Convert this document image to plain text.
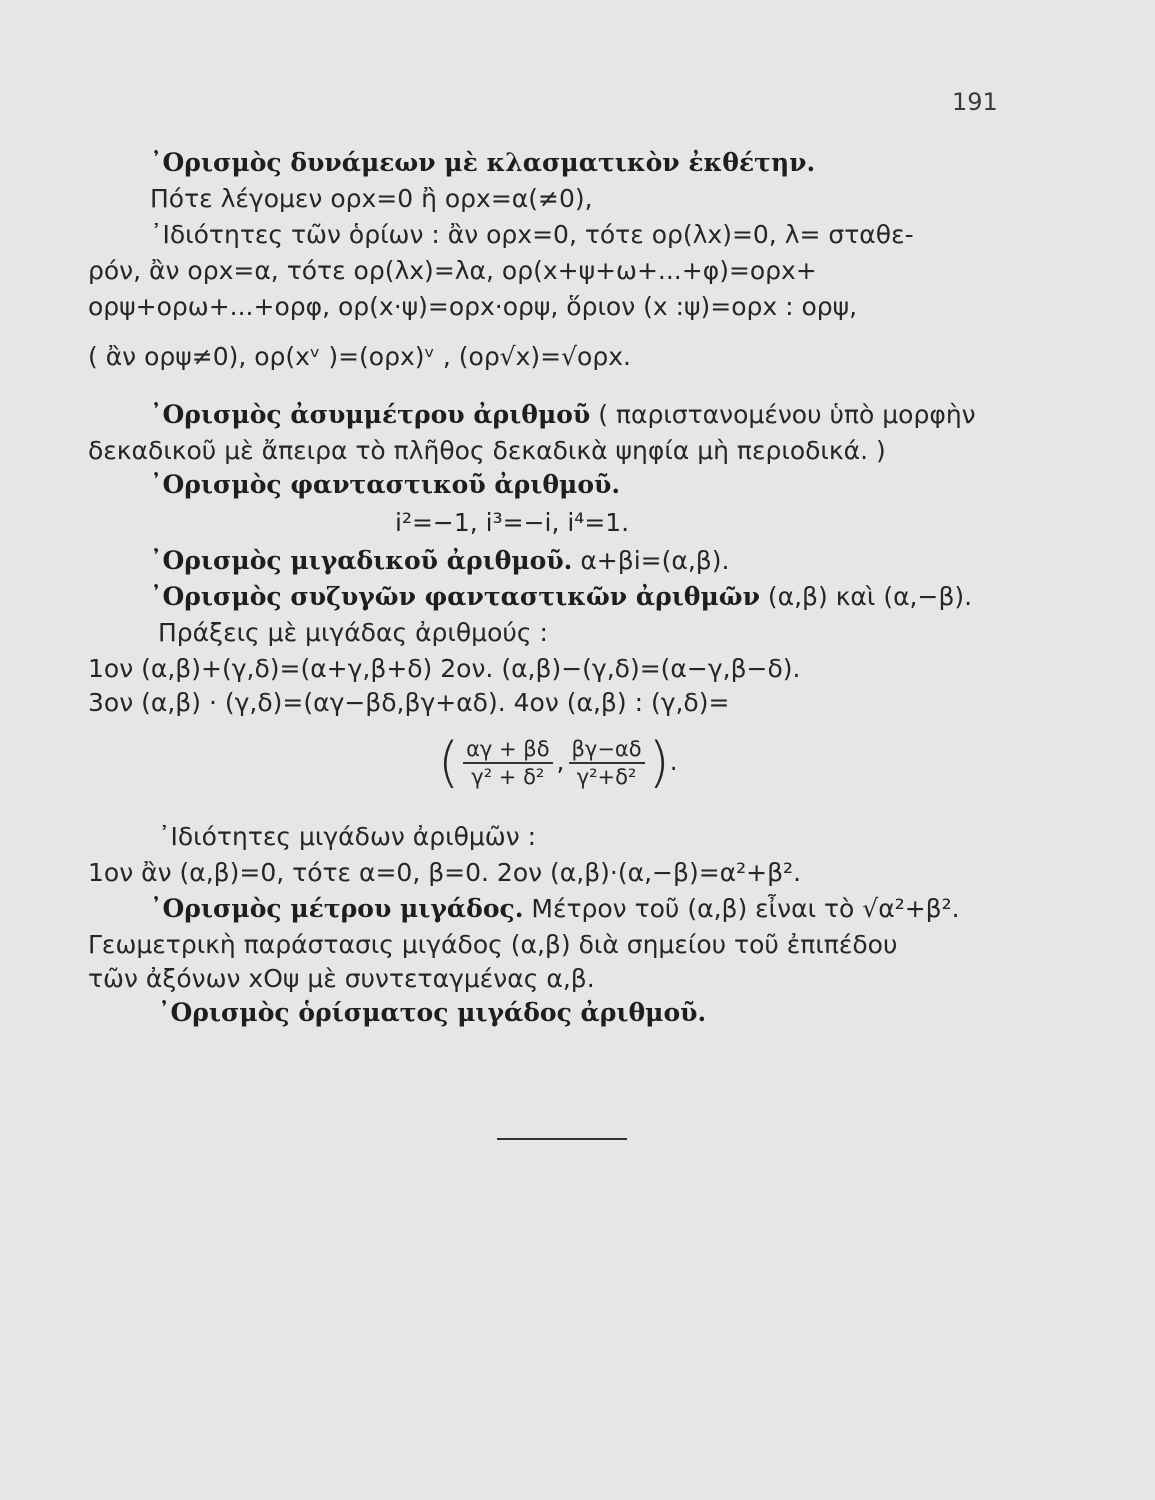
191
᾿Ορισμὸς δυνάμεων μὲ κλασματικὸν ἐκθέτην.
Πότε λέγομεν ορx=0 ἢ ορx=α(≠0),
᾿Ιδιότητες τῶν ὁρίων : ἂν ορx=0, τότε ορ(λx)=0, λ= σταθε-
ρόν, ἂν ορx=α, τότε ορ(λx)=λα, ορ(x+ψ+ω+...+φ)=ορx+
ορψ+ορω+...+ορφ, ορ(x·ψ)=ορx·ορψ, ὅριον (x :ψ)=ορx : ορψ,
( ἂν ορψ≠0), ορ(xᵛ )=(ορx)ᵛ , (ορ√x)=√ορx.
᾿Ορισμὸς ἀσυμμέτρου ἀριθμοῦ ( παριστανομένου ὑπὸ μορφὴν
δεκαδικοῦ μὲ ἄπειρα τὸ πλῆθος δεκαδικὰ ψηφία μὴ περιοδικά. )
᾿Ορισμὸς φανταστικοῦ ἀριθμοῦ.
i²=−1, i³=−i, i⁴=1.
᾿Ορισμὸς μιγαδικοῦ ἀριθμοῦ. α+βi=(α,β).
᾿Ορισμὸς συζυγῶν φανταστικῶν ἀριθμῶν (α,β) καὶ (α,−β).
Πράξεις μὲ μιγάδας ἀριθμούς :
1ον (α,β)+(γ,δ)=(α+γ,β+δ) 2ον. (α,β)−(γ,δ)=(α−γ,β−δ).
3ον (α,β) · (γ,δ)=(αγ−βδ,βγ+αδ). 4ον (α,β) : (γ,δ)=
( $\frac{\alpha\gamma + \beta\delta}{\text{γ² + δ²}}$ , $\frac{\beta\gamma-\alpha\delta}{\text{γ²+δ²}}$ ).
᾿Ιδιότητες μιγάδων ἀριθμῶν :
1ον ἂν (α,β)=0, τότε α=0, β=0. 2ον (α,β)·(α,−β)=α²+β².
᾿Ορισμὸς μέτρου μιγάδος. Μέτρον τοῦ (α,β) εἶναι τὸ √α²+β².
Γεωμετρικὴ παράστασις μιγάδος (α,β) διὰ σημείου τοῦ ἐπιπέδου
τῶν ἀξόνων xOψ μὲ συντεταγμένας α,β.
᾿Ορισμὸς ὁρίσματος μιγάδος ἀριθμοῦ.
